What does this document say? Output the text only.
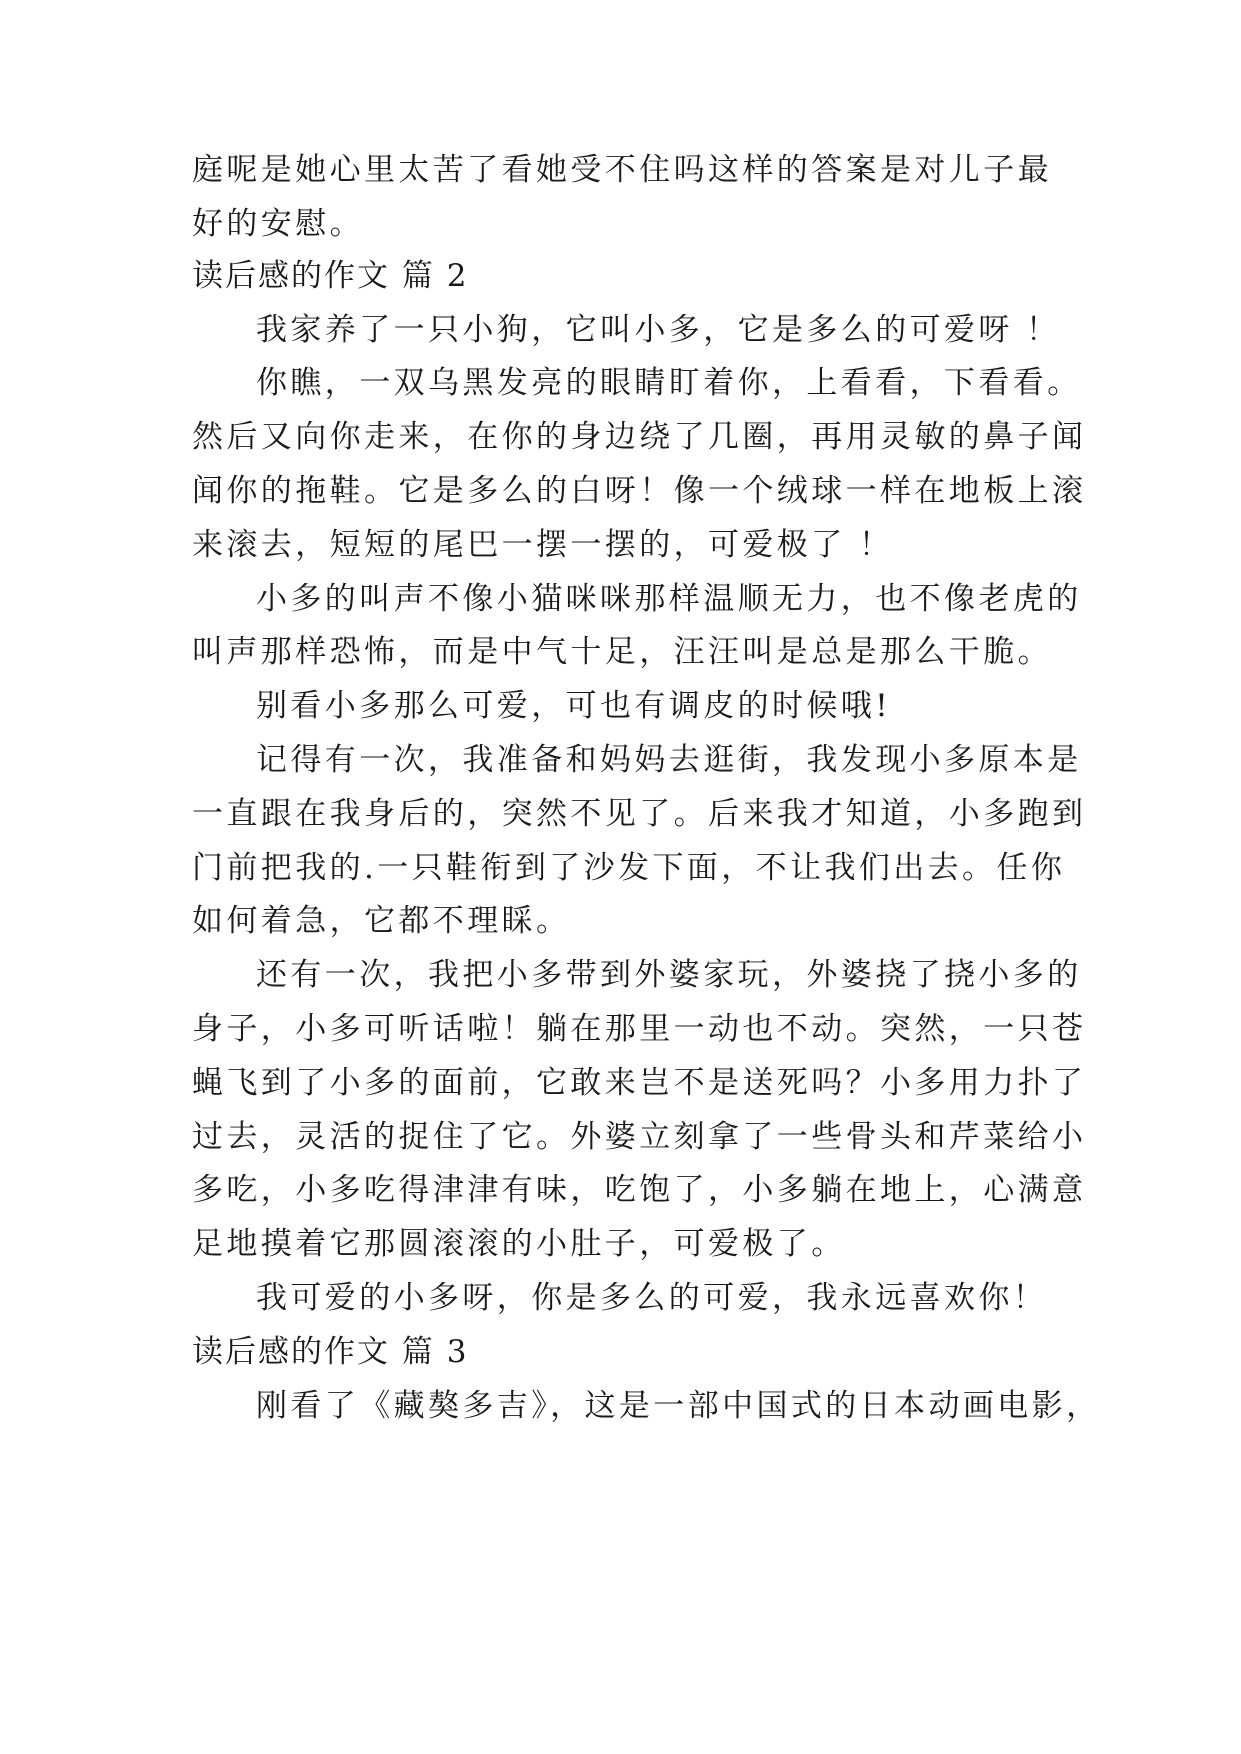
庭呢是她心里太苦了看她受不住吗这样的答案是对儿子最
好的安慰。
读后感的作文 篇 2
我家养了一只小狗，它叫小多，它是多么的可爱呀 ！
你瞧，一双乌黑发亮的眼睛盯着你，上看看，下看看。
然后又向你走来，在你的身边绕了几圈，再用灵敏的鼻子闻
闻你的拖鞋。它是多么的白呀！像一个绒球一样在地板上滚
来滚去，短短的尾巴一摆一摆的，可爱极了 ！
小多的叫声不像小猫咪咪那样温顺无力，也不像老虎的
叫声那样恐怖，而是中气十足，汪汪叫是总是那么干脆。
别看小多那么可爱，可也有调皮的时候哦!
记得有一次，我准备和妈妈去逛街，我发现小多原本是
一直跟在我身后的，突然不见了。后来我才知道，小多跑到
门前把我的.一只鞋衔到了沙发下面，不让我们出去。任你
如何着急，它都不理睬。
还有一次，我把小多带到外婆家玩，外婆挠了挠小多的
身子，小多可听话啦！躺在那里一动也不动。突然，一只苍
蝇飞到了小多的面前，它敢来岂不是送死吗？小多用力扑了
过去，灵活的捉住了它。外婆立刻拿了一些骨头和芹菜给小
多吃，小多吃得津津有味，吃饱了，小多躺在地上，心满意
足地摸着它那圆滚滚的小肚子，可爱极了。
我可爱的小多呀，你是多么的可爱，我永远喜欢你！
读后感的作文 篇 3
刚看了《藏獒多吉》，这是一部中国式的日本动画电影，
